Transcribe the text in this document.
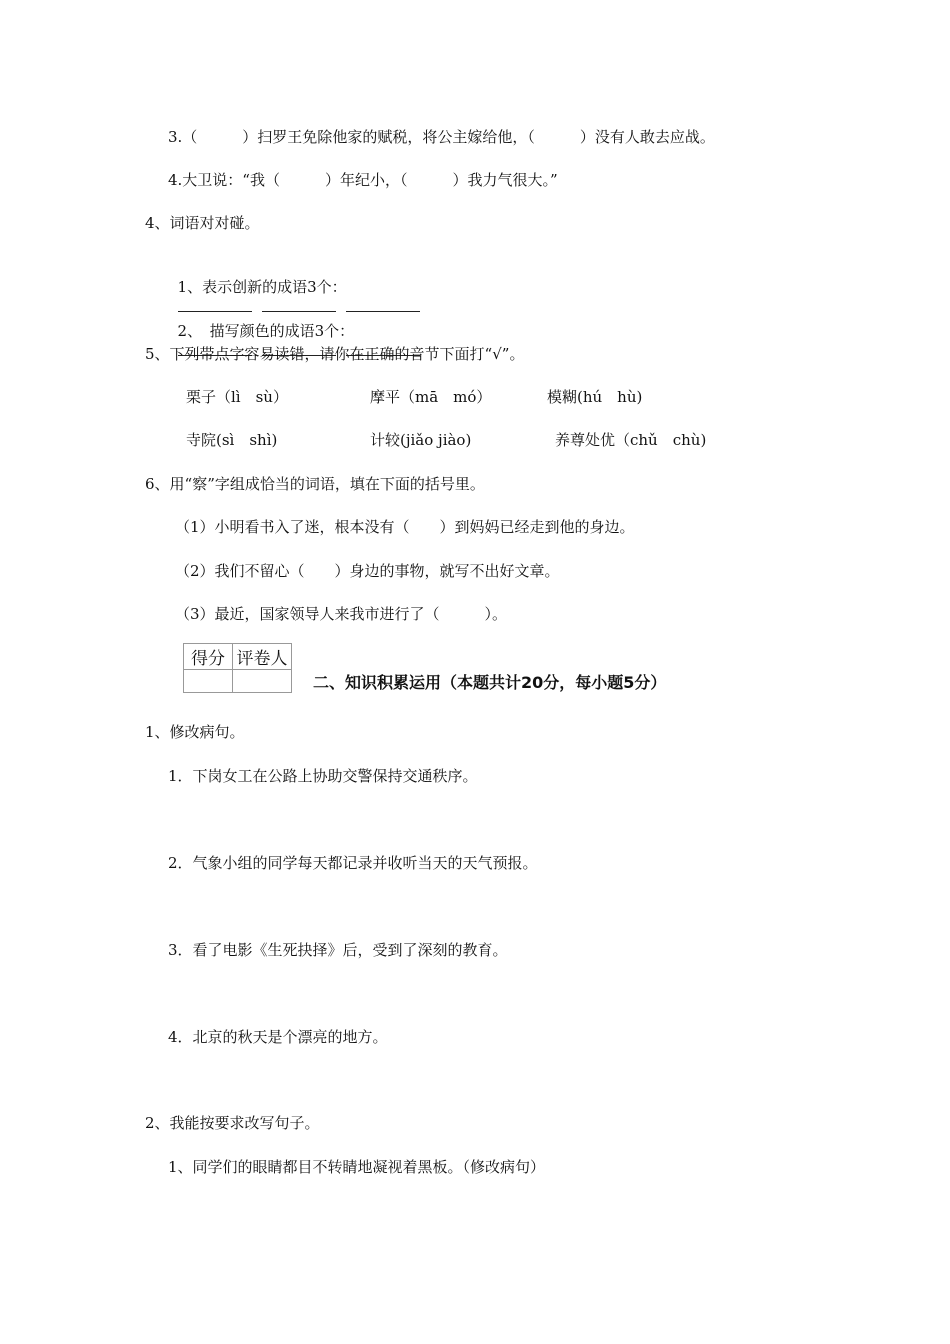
3.（　　　）扫罗王免除他家的赋税，将公主嫁给他，（　　　）没有人敢去应战。
4.大卫说：“我（　　　）年纪小，（　　　）我力气很大。”
4、词语对对碰。

1、表示创新的成语3个：

2、　描写颜色的成语3个：

5、下列带点字容易读错，请你在正确的音节下面打“√”。
栗子（lì　sù）	摩平（mā　mó）	模糊(hú　hù)
寺院(sì　shì)	计较(jiǎo jiào)	养尊处优（chǔ　chù)
6、用“察”字组成恰当的词语，填在下面的括号里。
（1）小明看书入了迷，根本没有（　　）到妈妈已经走到他的身边。
（2）我们不留心（　　）身边的事物，就写不出好文章。
（3）最近，国家领导人来我市进行了（　　　）。
得分	评卷人

二、知识积累运用（本题共计20分，每小题5分）
1、修改病句。
1．下岗女工在公路上协助交警保持交通秩序。
2．气象小组的同学每天都记录并收听当天的天气预报。
3．看了电影《生死抉择》后，受到了深刻的教育。
4．北京的秋天是个漂亮的地方。
2、我能按要求改写句子。
1、同学们的眼睛都目不转睛地凝视着黑板。（修改病句）
